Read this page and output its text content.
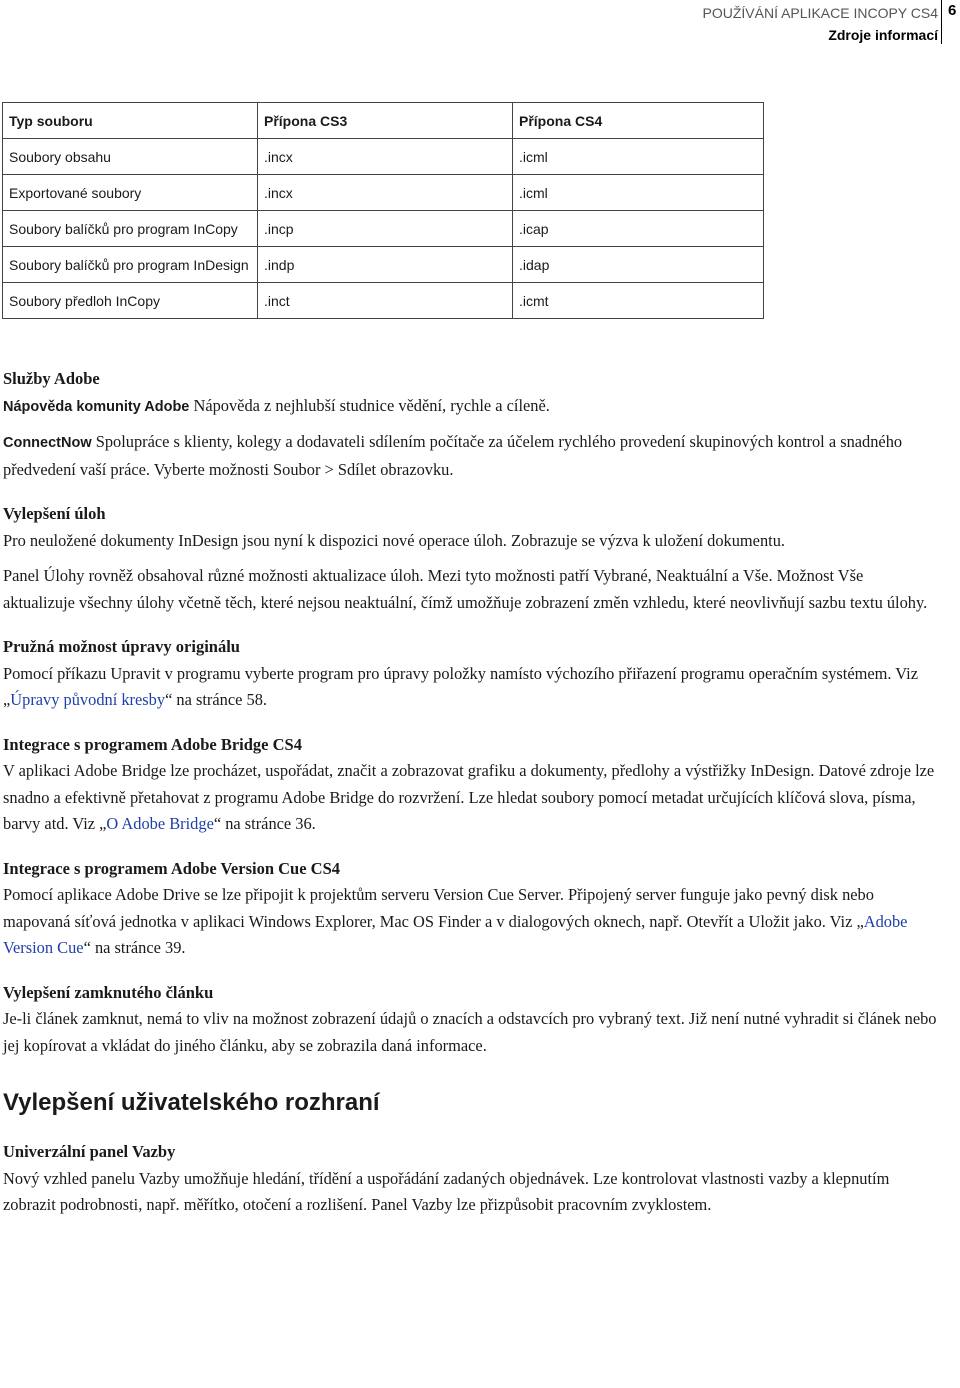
POUŽÍVÁNÍ APLIKACE INCOPY CS4
Zdroje informací
6
Typ souboru	Přípona CS3	Přípona CS4
Soubory obsahu	.incx	.icml
Exportované soubory	.incx	.icml
Soubory balíčků pro program InCopy	.incp	.icap
Soubory balíčků pro program InDesign	.indp	.idap
Soubory předloh InCopy	.inct	.icmt
Služby Adobe

Nápověda komunity Adobe Nápověda z nejhlubší studnice vědění, rychle a cíleně.

ConnectNow Spolupráce s klienty, kolegy a dodavateli sdílením počítače za účelem rychlého provedení skupinových kontrol a snadného předvedení vaší práce. Vyberte možnosti Soubor > Sdílet obrazovku.

Vylepšení úloh

Pro neuložené dokumenty InDesign jsou nyní k dispozici nové operace úloh. Zobrazuje se výzva k uložení dokumentu.

Panel Úlohy rovněž obsahoval různé možnosti aktualizace úloh. Mezi tyto možnosti patří Vybrané, Neaktuální a Vše. Možnost Vše aktualizuje všechny úlohy včetně těch, které nejsou neaktuální, čímž umožňuje zobrazení změn vzhledu, které neovlivňují sazbu textu úlohy.

Pružná možnost úpravy originálu

Pomocí příkazu Upravit v programu vyberte program pro úpravy položky namísto výchozího přiřazení programu operačním systémem. Viz „Úpravy původní kresby“ na stránce 58.

Integrace s programem Adobe Bridge CS4

V aplikaci Adobe Bridge lze procházet, uspořádat, značit a zobrazovat grafiku a dokumenty, předlohy a výstřižky InDesign. Datové zdroje lze snadno a efektivně přetahovat z programu Adobe Bridge do rozvržení. Lze hledat soubory pomocí metadat určujících klíčová slova, písma, barvy atd. Viz „O Adobe Bridge“ na stránce 36.

Integrace s programem Adobe Version Cue CS4

Pomocí aplikace Adobe Drive se lze připojit k projektům serveru Version Cue Server. Připojený server funguje jako pevný disk nebo mapovaná síťová jednotka v aplikaci Windows Explorer, Mac OS Finder a v dialogových oknech, např. Otevřít a Uložit jako. Viz „Adobe Version Cue“ na stránce 39.

Vylepšení zamknutého článku

Je-li článek zamknut, nemá to vliv na možnost zobrazení údajů o znacích a odstavcích pro vybraný text. Již není nutné vyhradit si článek nebo jej kopírovat a vkládat do jiného článku, aby se zobrazila daná informace.

Vylepšení uživatelského rozhraní
Univerzální panel Vazby

Nový vzhled panelu Vazby umožňuje hledání, třídění a uspořádání zadaných objednávek. Lze kontrolovat vlastnosti vazby a klepnutím zobrazit podrobnosti, např. měřítko, otočení a rozlišení. Panel Vazby lze přizpůsobit pracovním zvyklostem.
